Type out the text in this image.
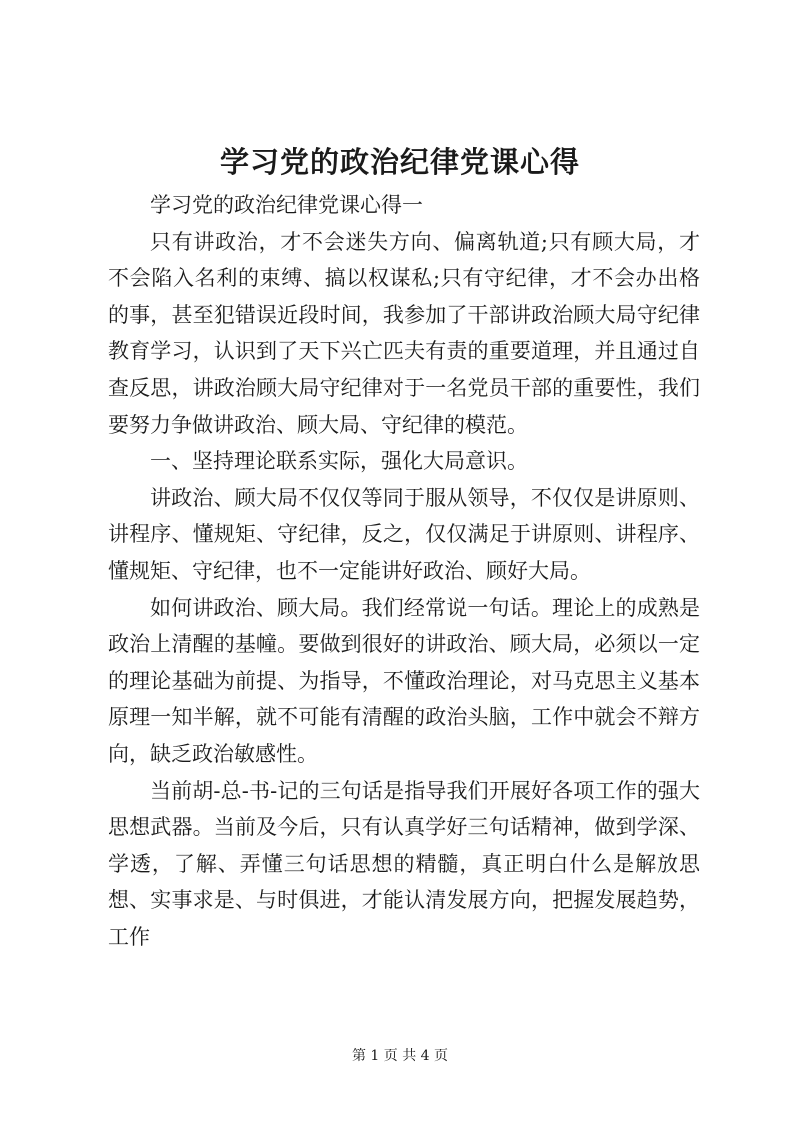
学习党的政治纪律党课心得

学习党的政治纪律党课心得一

只有讲政治，才不会迷失方向、偏离轨道;只有顾大局，才不会陷入名利的束缚、搞以权谋私;只有守纪律，才不会办出格的事，甚至犯错误近段时间，我参加了干部讲政治顾大局守纪律教育学习，认识到了天下兴亡匹夫有责的重要道理，并且通过自查反思，讲政治顾大局守纪律对于一名党员干部的重要性，我们要努力争做讲政治、顾大局、守纪律的模范。

一、坚持理论联系实际，强化大局意识。

讲政治、顾大局不仅仅等同于服从领导，不仅仅是讲原则、讲程序、懂规矩、守纪律，反之，仅仅满足于讲原则、讲程序、懂规矩、守纪律，也不一定能讲好政治、顾好大局。

如何讲政治、顾大局。我们经常说一句话。理论上的成熟是政治上清醒的基幢。要做到很好的讲政治、顾大局，必须以一定的理论基础为前提、为指导，不懂政治理论，对马克思主义基本原理一知半解，就不可能有清醒的政治头脑，工作中就会不辩方向，缺乏政治敏感性。

当前胡-总-书-记的三句话是指导我们开展好各项工作的强大思想武器。当前及今后，只有认真学好三句话精神，做到学深、学透，了解、弄懂三句话思想的精髓，真正明白什么是解放思想、实事求是、与时俱进，才能认清发展方向，把握发展趋势，工作

第 1 页 共 4 页
